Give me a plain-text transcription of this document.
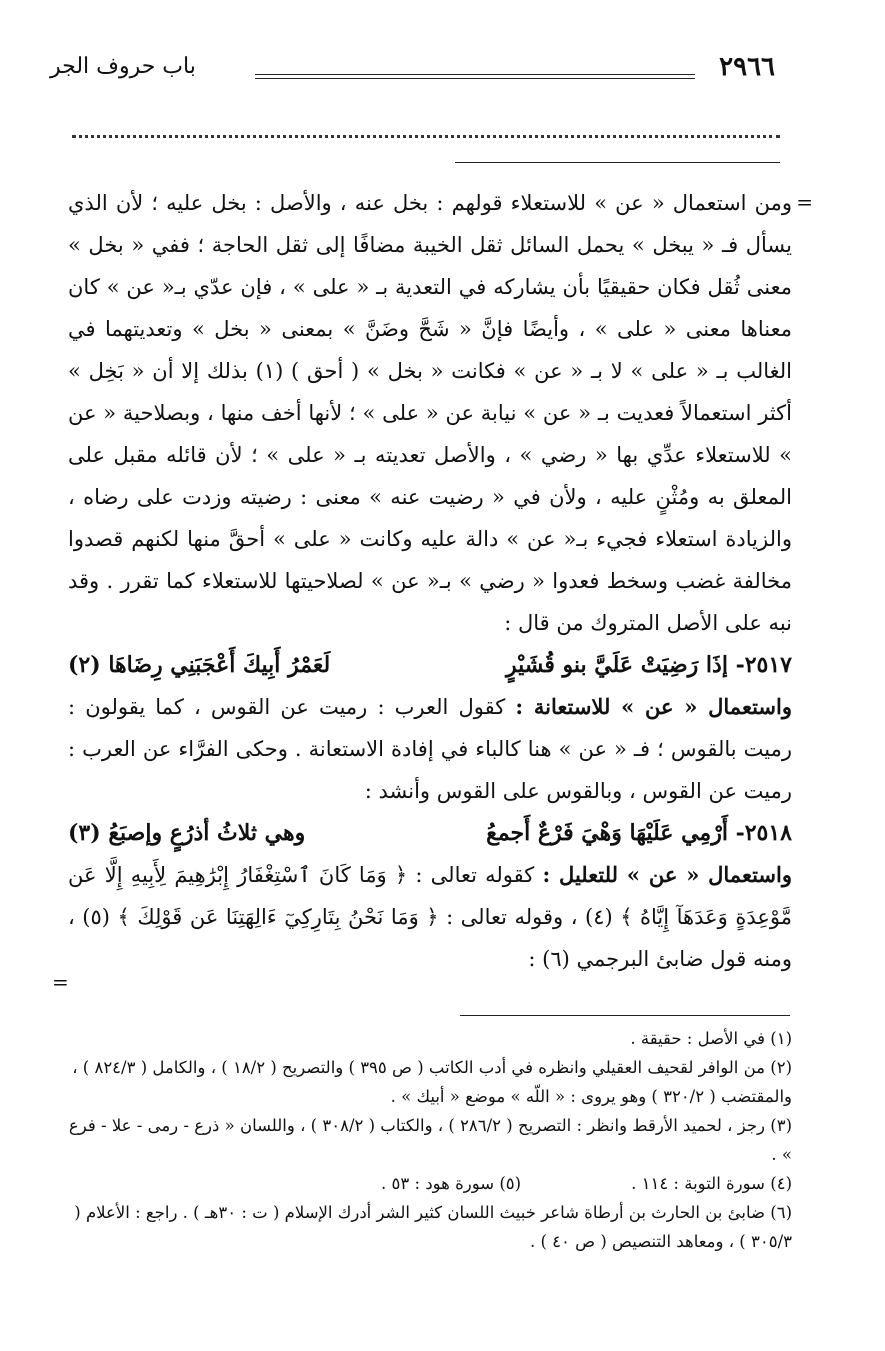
٢٩٦٦
باب حروف الجر
=

ومن استعمال « عن » للاستعلاء قولهم : بخل عنه ، والأصل : بخل عليه ؛ لأن الذي يسأل فـ « يبخل » يحمل السائل ثقل الخيبة مضافًا إلى ثقل الحاجة ؛ ففي « بخل » معنى ثُقل فكان حقيقيًا بأن يشاركه في التعدية بـ « على » ، فإن عدّي بـ« عن » كان معناها معنى « على » ، وأيضًا فإنَّ « شَحَّ وضَنَّ » بمعنى « بخل » وتعديتهما في الغالب بـ « على » لا بـ « عن » فكانت « بخل » ( أحق ) (١) بذلك إلا أن « بَخِل » أكثر استعمالاً فعديت بـ « عن » نيابة عن « على » ؛ لأنها أخف منها ، وبصلاحية « عن » للاستعلاء عدِّي بها « رضي » ، والأصل تعديته بـ « على » ؛ لأن قائله مقبل على المعلق به ومُثْنٍ عليه ، ولأن في « رضيت عنه » معنى : رضيته وزدت على رضاه ، والزيادة استعلاء فجيء بـ« عن » دالة عليه وكانت « على » أحقَّ منها لكنهم قصدوا مخالفة غضب وسخط فعدوا « رضي » بـ« عن » لصلاحيتها للاستعلاء كما تقرر . وقد نبه على الأصل المتروك من قال :

٢٥١٧- إذَا رَضِيَتْ عَلَيَّ بنو قُشَيْرٍ
لَعَمْرُ أَبِيكَ أَعْجَبَنِي رِضَاهَا (٢)

واستعمال « عن » للاستعانة : كقول العرب : رميت عن القوس ، كما يقولون : رميت بالقوس ؛ فـ « عن » هنا كالباء في إفادة الاستعانة . وحكى الفرَّاء عن العرب : رميت عن القوس ، وبالقوس على القوس وأنشد :

٢٥١٨- أَرْمِي عَلَيْهَا وَهْيَ فَرْعٌ أَجمعُ
وهي ثلاثُ أذرُعٍ وإصبَعُ (٣)

واستعمال « عن » للتعليل : كقوله تعالى : ﴿ وَمَا كَانَ ٱسْتِغْفَارُ إِبْرَٰهِيمَ لِأَبِيهِ إِلَّا عَن مَّوْعِدَةٍ وَعَدَهَآ إِيَّاهُ ﴾ (٤) ، وقوله تعالى : ﴿ وَمَا نَحْنُ بِتَارِكِيٓ ءَالِهَتِنَا عَن قَوْلِكَ ﴾ (٥) ، ومنه قول ضابئ البرجمي (٦) :

=

(١) في الأصل : حقيقة .

(٢) من الوافر لقحيف العقيلي وانظره في أدب الكاتب ( ص ٣٩٥ ) والتصريح ( ١٨/٢ ) ، والكامل ( ٨٢٤/٣ ) ، والمقتضب ( ٣٢٠/٢ ) وهو يروى : « اللّه » موضع « أبيك » .

(٣) رجز ، لحميد الأرقط وانظر : التصريح ( ٢٨٦/٢ ) ، والكتاب ( ٣٠٨/٢ ) ، واللسان « ذرع - رمى - علا - فرع » .

(٤) سورة التوبة : ١١٤ .
(٥) سورة هود : ٥٣ .

(٦) ضابئ بن الحارث بن أرطاة شاعر خبيث اللسان كثير الشر أدرك الإسلام ( ت : ٣٠هـ ) . راجع : الأعلام ( ٣٠٥/٣ ) ، ومعاهد التنصيص ( ص ٤٠ ) .
